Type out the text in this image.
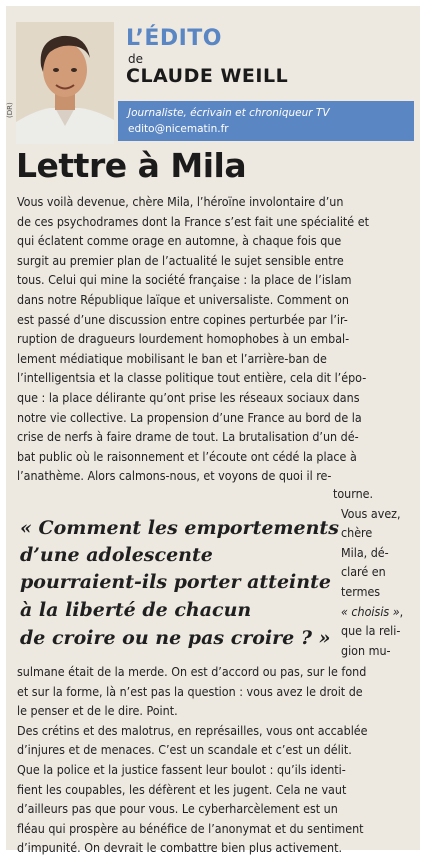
(DR)
L’ÉDITO
de
CLAUDE WEILL
Journaliste, écrivain et chroniqueur TV
edito@nicematin.fr
Lettre à Mila
Vous voilà devenue, chère Mila, l’héroïne involontaire d’un
de ces psychodrames dont la France s’est fait une spécialité et
qui éclatent comme orage en automne, à chaque fois que
surgit au premier plan de l’actualité le sujet sensible entre
tous. Celui qui mine la société française : la place de l’islam
dans notre République laïque et universaliste. Comment on
est passé d’une discussion entre copines perturbée par l’ir-
ruption de dragueurs lourdement homophobes à un embal-
lement médiatique mobilisant le ban et l’arrière-ban de
l’intelligentsia et la classe politique tout entière, cela dit l’épo-
que : la place délirante qu’ont prise les réseaux sociaux dans
notre vie collective. La propension d’une France au bord de la
crise de nerfs à faire drame de tout. La brutalisation d’un dé-
bat public où le raisonnement et l’écoute ont cédé la place à
l’anathème. Alors calmons-nous, et voyons de quoi il re-
tourne.
Vous avez,
chère
Mila, dé-
claré en
termes
« choisis »,
que la reli-
gion mu-
« Comment les emportements
d’une adolescente
pourraient-ils porter atteinte
à la liberté de chacun
de croire ou ne pas croire ? »
sulmane était de la merde. On est d’accord ou pas, sur le fond
et sur la forme, là n’est pas la question : vous avez le droit de
le penser et de le dire. Point.
Des crétins et des malotrus, en représailles, vous ont accablée
d’injures et de menaces. C’est un scandale et c’est un délit.
Que la police et la justice fassent leur boulot : qu’ils identi-
fient les coupables, les défèrent et les jugent. Cela ne vaut
d’ailleurs pas que pour vous. Le cyberharcèlement est un
fléau qui prospère au bénéfice de l’anonymat et du sentiment
d’impunité. On devrait le combattre bien plus activement.
